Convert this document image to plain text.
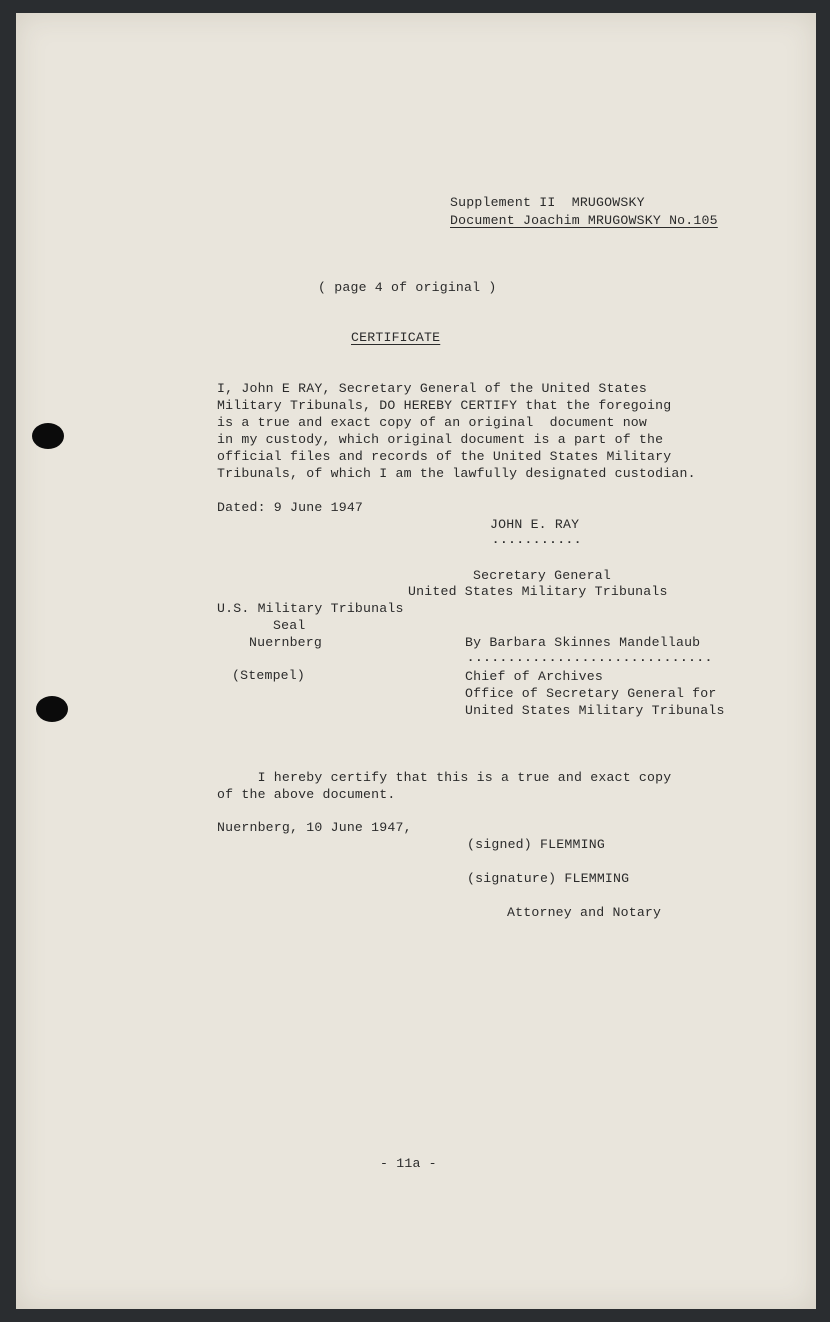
Supplement II  MRUGOWSKY
Document Joachim MRUGOWSKY No.105
( page 4 of original )
CERTIFICATE
I, John E RAY, Secretary General of the United States
Military Tribunals, DO HEREBY CERTIFY that the foregoing
is a true and exact copy of an original  document now
in my custody, which original document is a part of the
official files and records of the United States Military
Tribunals, of which I am the lawfully designated custodian.
Dated: 9 June 1947
JOHN E. RAY
...........
Secretary General
United States Military Tribunals
U.S. Military Tribunals
Seal
Nuernberg
(Stempel)
By Barbara Skinnes Mandellaub
..............................
Chief of Archives
Office of Secretary General for
United States Military Tribunals
I hereby certify that this is a true and exact copy
of the above document.
Nuernberg, 10 June 1947,
(signed) FLEMMING
(signature) FLEMMING
Attorney and Notary
- 11a -
